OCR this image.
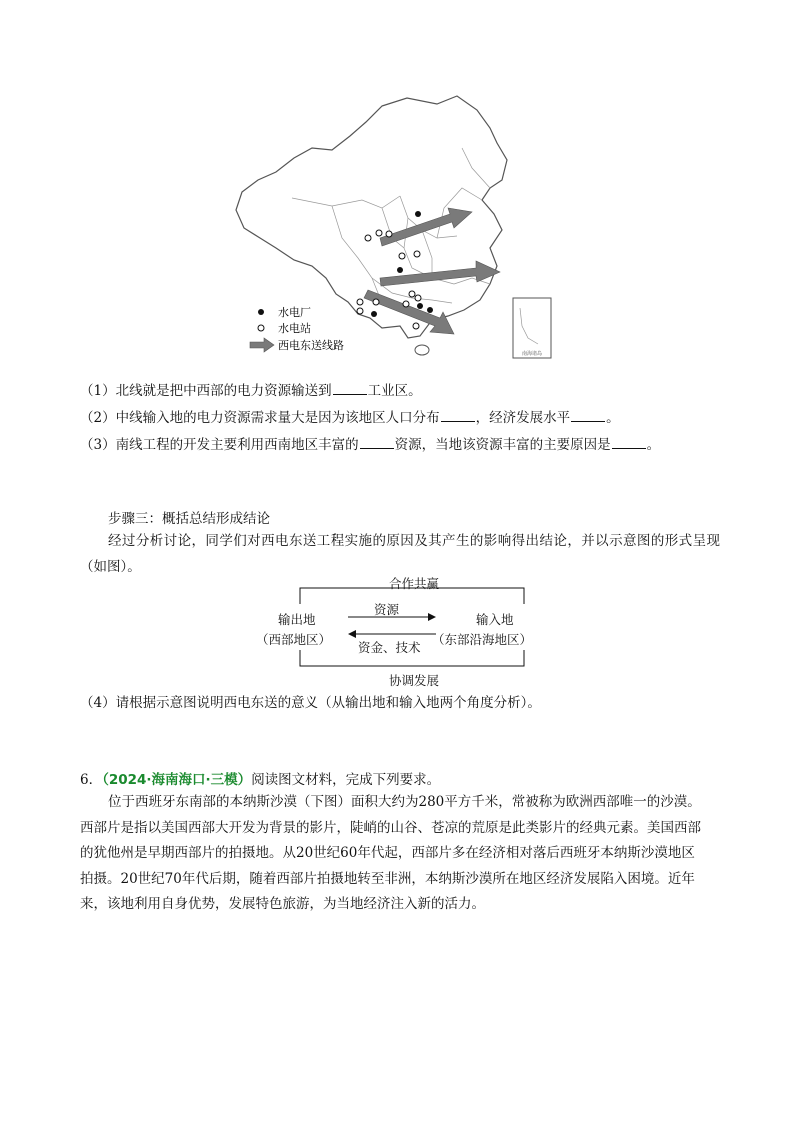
南海诸岛
水电厂
水电站
西电东送线路
（1）北线就是把中西部的电力资源输送到	工业区。
（2）中线输入地的电力资源需求量大是因为该地区人口分布	，经济发展水平	。
（3）南线工程的开发主要利用西南地区丰富的	资源，当地该资源丰富的主要原因是	。
步骤三：概括总结形成结论
经过分析讨论，同学们对西电东送工程实施的原因及其产生的影响得出结论，并以示意图的形式呈现（如图）。
合作共赢
输出地
（西部地区）
输入地
（东部沿海地区）
资源
资金、技术
协调发展
（4）请根据示意图说明西电东送的意义（从输出地和输入地两个角度分析）。
6．（2024·海南海口·三模）阅读图文材料，完成下列要求。
位于西班牙东南部的本纳斯沙漠（下图）面积大约为280平方千米，常被称为欧洲西部唯一的沙漠。
西部片是指以美国西部大开发为背景的影片，陡峭的山谷、苍凉的荒原是此类影片的经典元素。美国西部
的犹他州是早期西部片的拍摄地。从20世纪60年代起，西部片多在经济相对落后西班牙本纳斯沙漠地区
拍摄。20世纪70年代后期，随着西部片拍摄地转至非洲，本纳斯沙漠所在地区经济发展陷入困境。近年
来，该地利用自身优势，发展特色旅游，为当地经济注入新的活力。
